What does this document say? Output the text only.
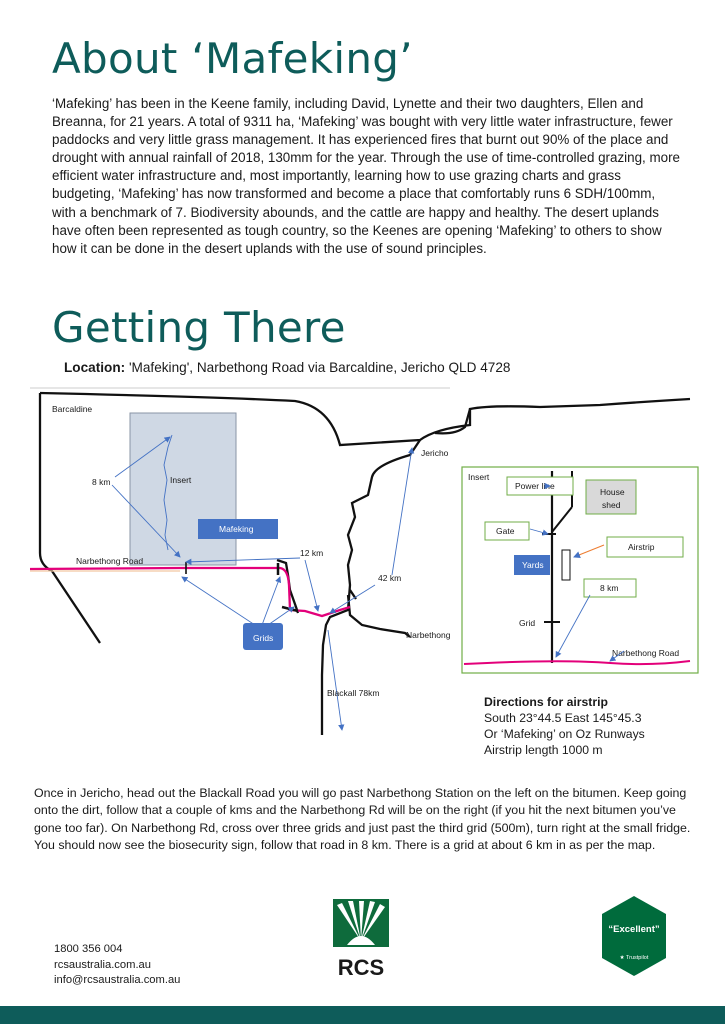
About ‘Mafeking’

‘Mafeking’ has been in the Keene family, including David, Lynette and their two daughters, Ellen and Breanna, for 21 years. A total of 9311 ha, ‘Mafeking’ was bought with very little water infrastructure, fewer paddocks and very little grass management. It has experienced fires that burnt out 90% of the place and drought with annual rainfall of 2018, 130mm for the year. Through the use of time-controlled grazing, more efficient water infrastructure and, most importantly, learning how to use grazing charts and grass budgeting, ‘Mafeking’ has now transformed and become a place that comfortably runs 6 SDH/100mm, with a benchmark of 7. Biodiversity abounds, and the cattle are happy and healthy. The desert uplands have often been represented as tough country, so the Keenes are opening ‘Mafeking’ to others to show how it can be done in the desert uplands with the use of sound principles.

Getting There
Location: 'Mafeking', Narbethong Road via Barcaldine, Jericho QLD 4728
Insert
Mafeking
Barcaldine
Jericho
8 km
Narbethong Road
12 km
42 km
Narbethong
Blackall 78km
Grids
Insert
Power line
House shed
Gate
Airstrip
Yards
8 km
Grid
Narbethong Road
Directions for airstrip
South 23°44.5 East 145°45.3
Or ‘Mafeking’ on Oz Runways
Airstrip length 1000 m

Once in Jericho, head out the Blackall Road you will go past Narbethong Station on the left on the bitumen. Keep going onto the dirt, follow that a couple of kms and the Narbethong Rd will be on the right (if you hit the next bitumen you’ve gone too far). On Narbethong Rd, cross over three grids and just past the third grid (500m), turn right at the small fridge. You should now see the biosecurity sign, follow that road in 8 km. There is a grid at about 6 km in as per the map.

1800 356 004
rcsaustralia.com.au
info@rcsaustralia.com.au	RCS
“Excellent”
★ Trustpilot
